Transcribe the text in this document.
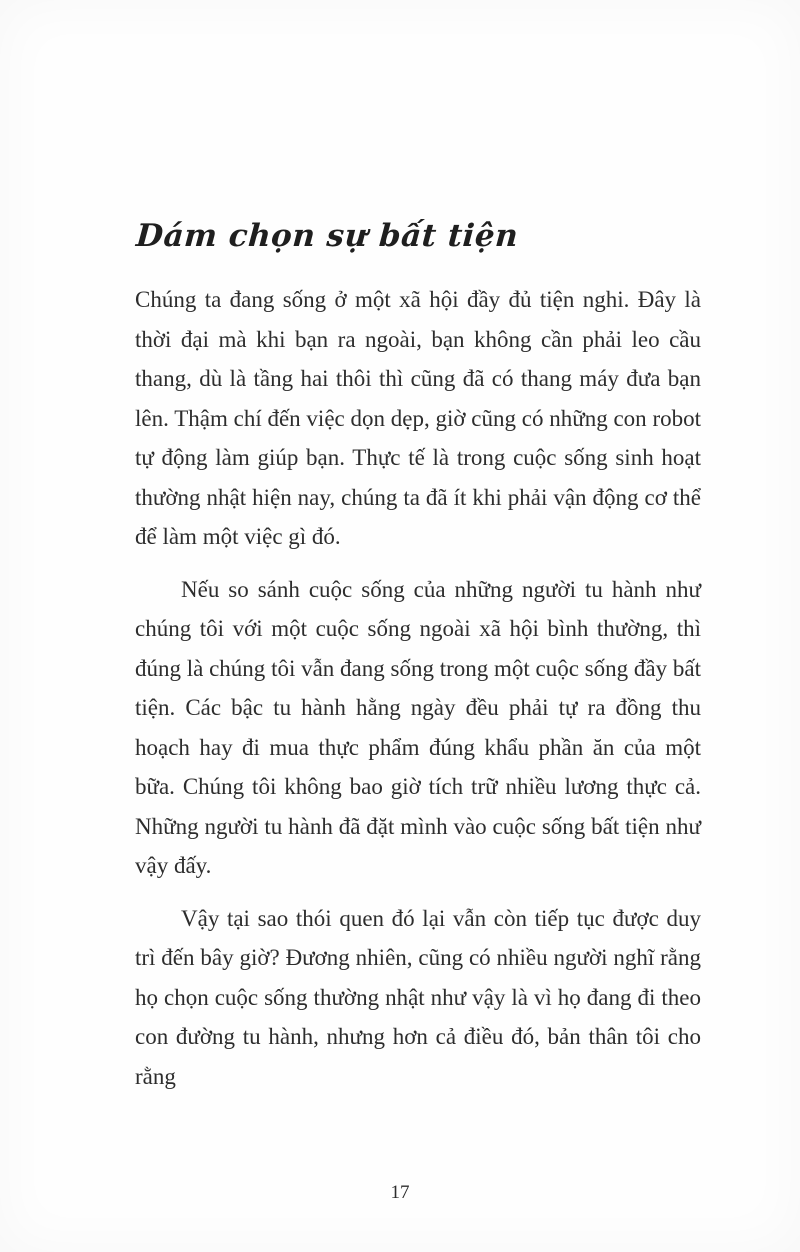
Dám chọn sự bất tiện

Chúng ta đang sống ở một xã hội đầy đủ tiện nghi. Đây là thời đại mà khi bạn ra ngoài, bạn không cần phải leo cầu thang, dù là tầng hai thôi thì cũng đã có thang máy đưa bạn lên. Thậm chí đến việc dọn dẹp, giờ cũng có những con robot tự động làm giúp bạn. Thực tế là trong cuộc sống sinh hoạt thường nhật hiện nay, chúng ta đã ít khi phải vận động cơ thể để làm một việc gì đó.

Nếu so sánh cuộc sống của những người tu hành như chúng tôi với một cuộc sống ngoài xã hội bình thường, thì đúng là chúng tôi vẫn đang sống trong một cuộc sống đầy bất tiện. Các bậc tu hành hằng ngày đều phải tự ra đồng thu hoạch hay đi mua thực phẩm đúng khẩu phần ăn của một bữa. Chúng tôi không bao giờ tích trữ nhiều lương thực cả. Những người tu hành đã đặt mình vào cuộc sống bất tiện như vậy đấy.

Vậy tại sao thói quen đó lại vẫn còn tiếp tục được duy trì đến bây giờ? Đương nhiên, cũng có nhiều người nghĩ rằng họ chọn cuộc sống thường nhật như vậy là vì họ đang đi theo con đường tu hành, nhưng hơn cả điều đó, bản thân tôi cho rằng

17
